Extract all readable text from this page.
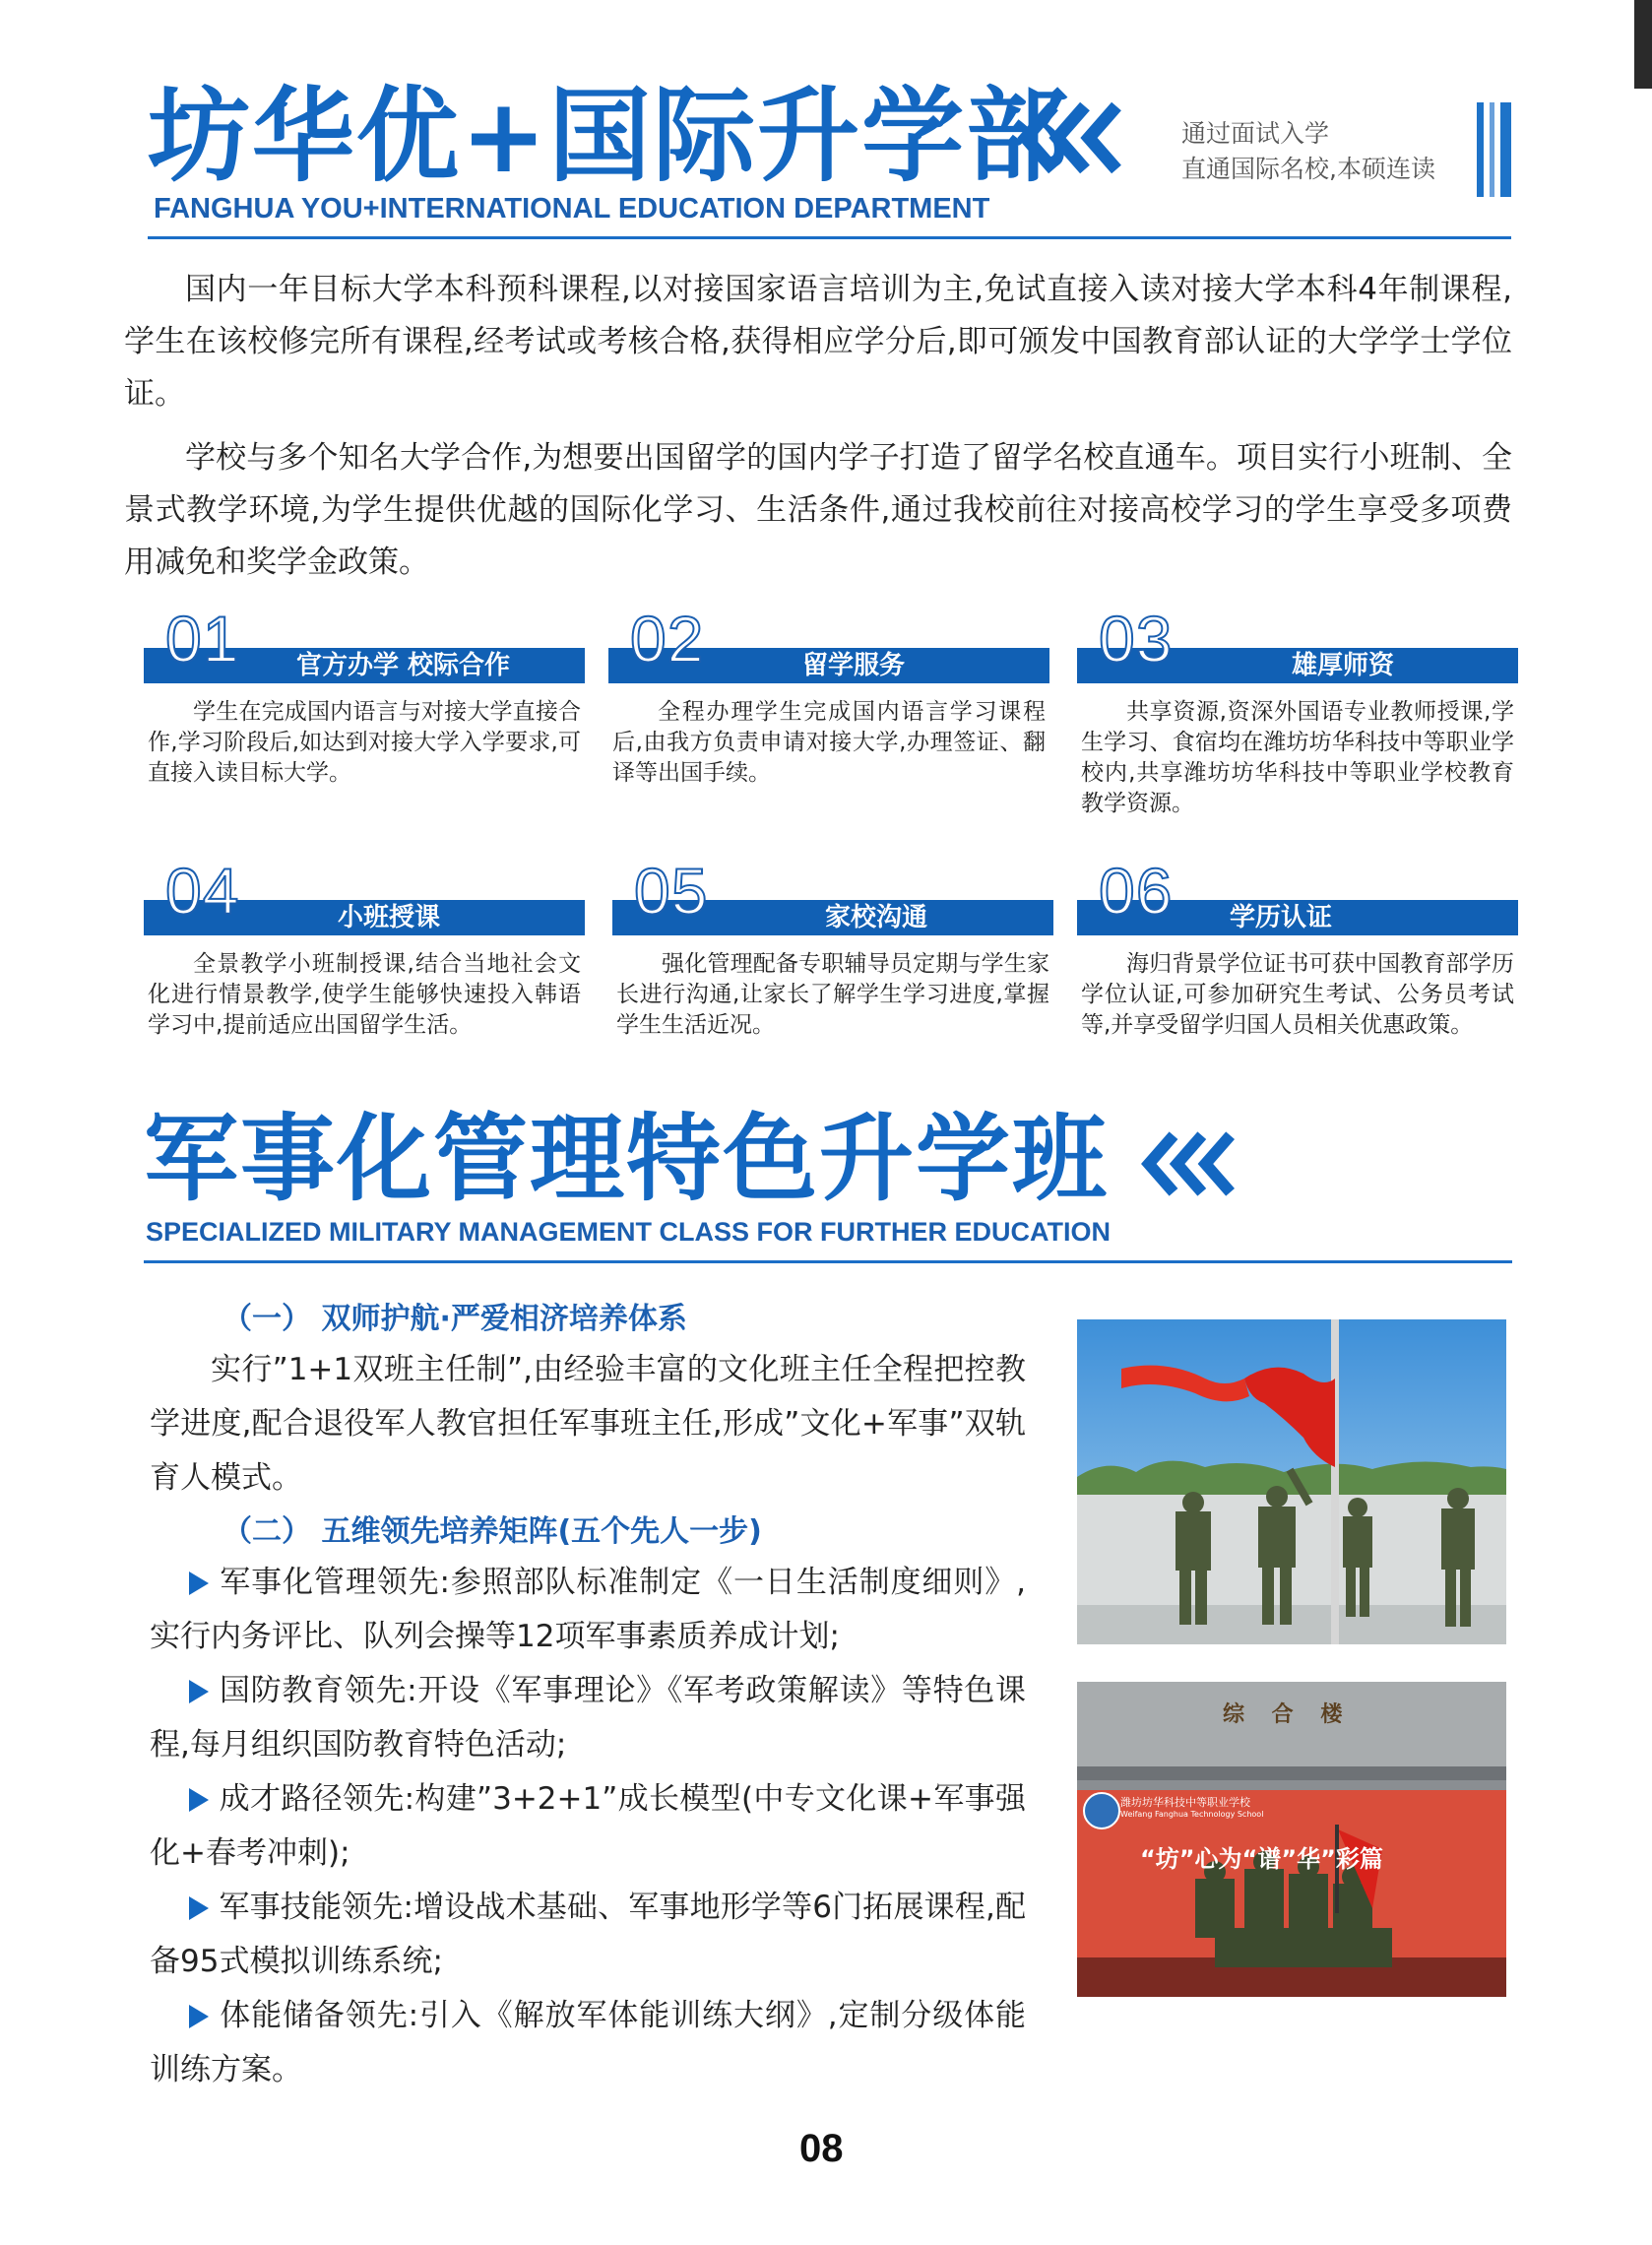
坊华优+国际升学部
FANGHUA YOU+INTERNATIONAL EDUCATION DEPARTMENT
通过面试入学
直通国际名校,本硕连读

国内一年目标大学本科预科课程,以对接国家语言培训为主,免试直接入读对接大学本科4年制课程,学生在该校修完所有课程,经考试或考核合格,获得相应学分后,即可颁发中国教育部认证的大学学士学位证。

学校与多个知名大学合作,为想要出国留学的国内学子打造了留学名校直通车。项目实行小班制、全景式教学环境,为学生提供优越的国际化学习、生活条件,通过我校前往对接高校学习的学生享受多项费用减免和奖学金政策。

01 官方办学 校际合作

学生在完成国内语言与对接大学直接合作,学习阶段后,如达到对接大学入学要求,可直接入读目标大学。

02	留学服务

全程办理学生完成国内语言学习课程后,由我方负责申请对接大学,办理签证、翻译等出国手续。

03	雄厚师资

共享资源,资深外国语专业教师授课,学生学习、食宿均在潍坊坊华科技中等职业学校内,共享潍坊坊华科技中等职业学校教育教学资源。

04	小班授课

全景教学小班制授课,结合当地社会文化进行情景教学,使学生能够快速投入韩语学习中,提前适应出国留学生活。

05	家校沟通

强化管理配备专职辅导员定期与学生家长进行沟通,让家长了解学生学习进度,掌握学生生活近况。

06 学历认证

海归背景学位证书可获中国教育部学历学位认证,可参加研究生考试、公务员考试等,并享受留学归国人员相关优惠政策。

军事化管理特色升学班
SPECIALIZED MILITARY MANAGEMENT CLASS FOR FURTHER EDUCATION
（一） 双师护航·严爱相济培养体系

实行”1+1双班主任制”,由经验丰富的文化班主任全程把控教学进度,配合退役军人教官担任军事班主任,形成”文化+军事”双轨育人模式。

（二） 五维领先培养矩阵(五个先人一步)

军事化管理领先:参照部队标准制定《一日生活制度细则》,实行内务评比、队列会操等12项军事素质养成计划;

国防教育领先:开设《军事理论》《军考政策解读》等特色课程,每月组织国防教育特色活动;

成才路径领先:构建”3+2+1”成长模型(中专文化课+军事强化+春考冲刺);

军事技能领先:增设战术基础、军事地形学等6门拓展课程,配备95式模拟训练系统;

体能储备领先:引入《解放军体能训练大纲》,定制分级体能训练方案。

综 合 楼
潍坊坊华科技中等职业学校
Weifang Fanghua Technology School
“坊”心为“谱”华”彩篇
08
